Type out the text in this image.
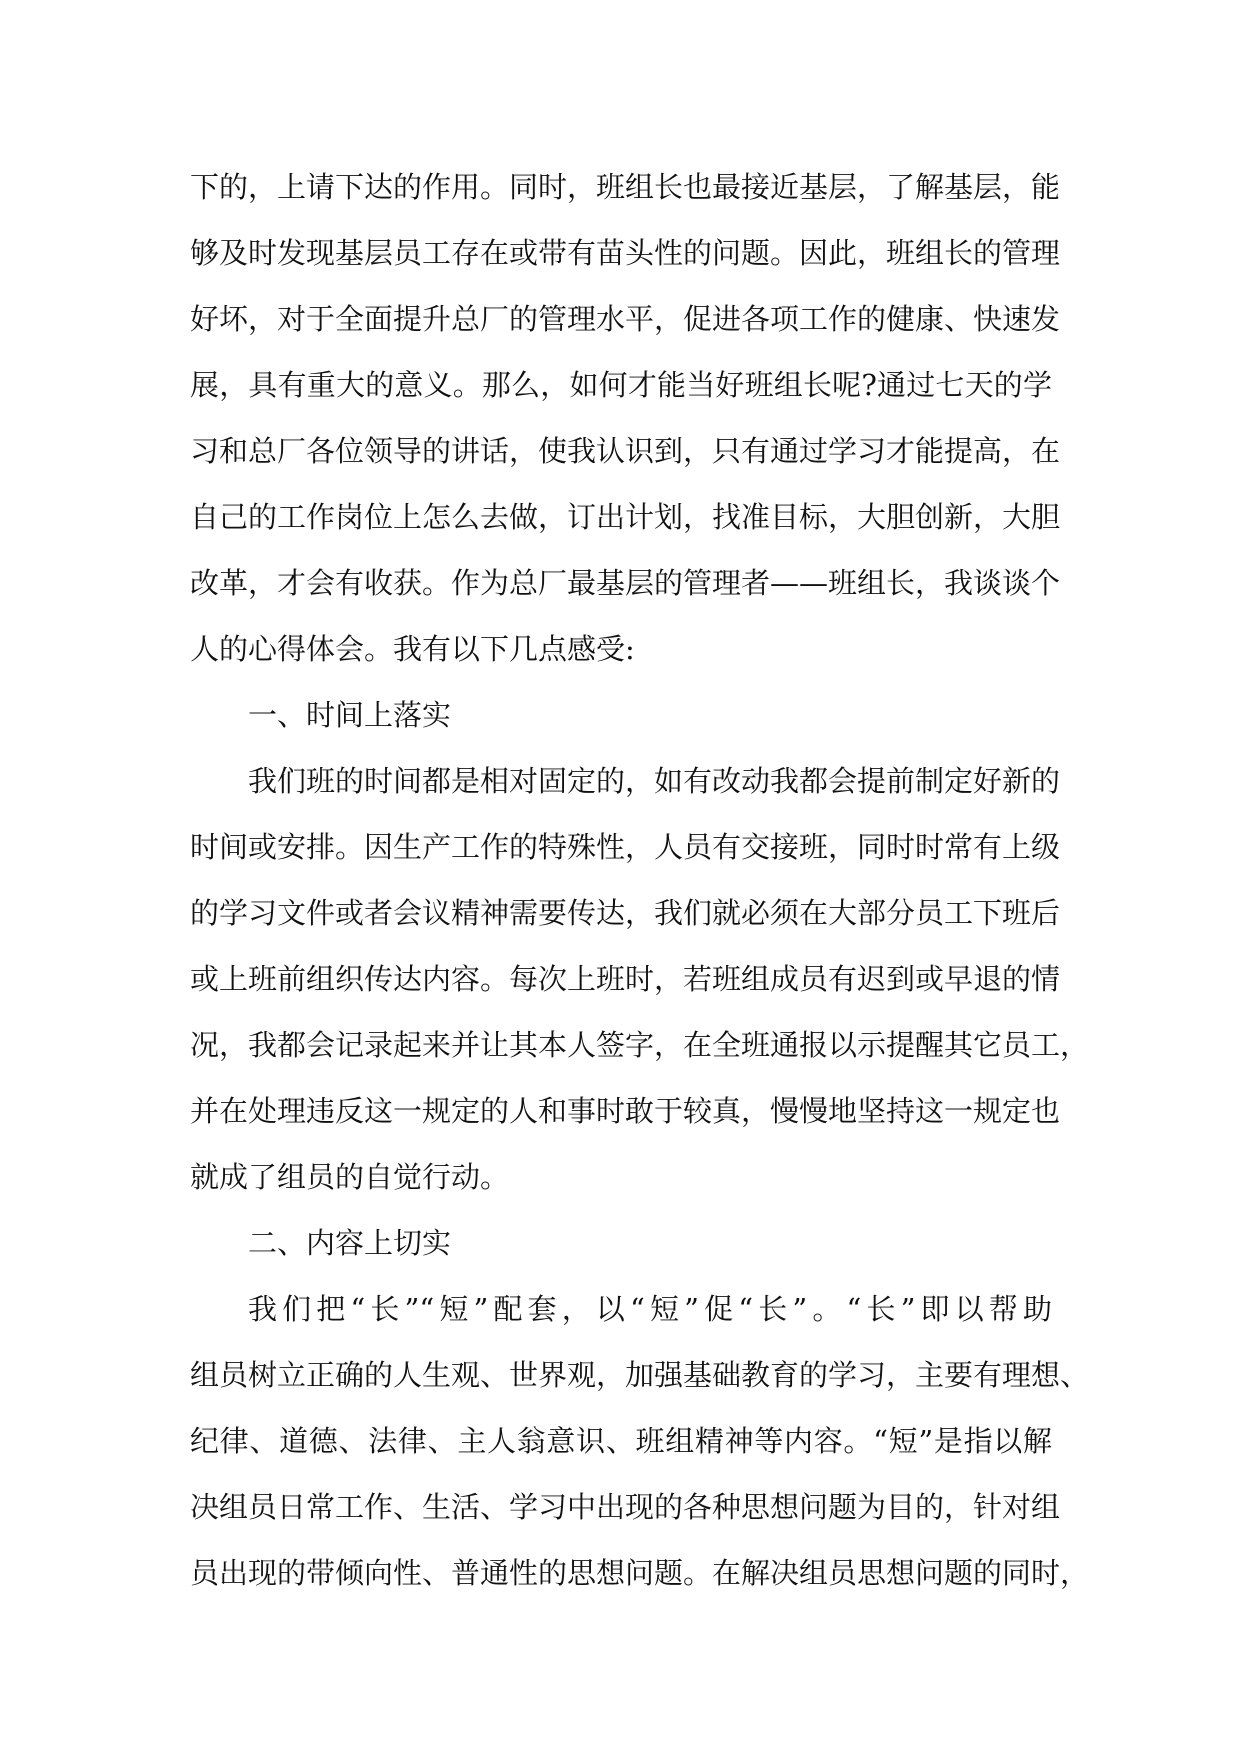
下的，上请下达的作用。同时，班组长也最接近基层，了解基层，能
够及时发现基层员工存在或带有苗头性的问题。因此，班组长的管理
好坏，对于全面提升总厂的管理水平，促进各项工作的健康、快速发
展，具有重大的意义。那么，如何才能当好班组长呢?通过七天的学
习和总厂各位领导的讲话，使我认识到，只有通过学习才能提高，在
自己的工作岗位上怎么去做，订出计划，找准目标，大胆创新，大胆
改革，才会有收获。作为总厂最基层的管理者——班组长，我谈谈个
人的心得体会。我有以下几点感受:
一、时间上落实
我们班的时间都是相对固定的，如有改动我都会提前制定好新的
时间或安排。因生产工作的特殊性，人员有交接班，同时时常有上级
的学习文件或者会议精神需要传达，我们就必须在大部分员工下班后
或上班前组织传达内容。每次上班时，若班组成员有迟到或早退的情
况，我都会记录起来并让其本人签字，在全班通报以示提醒其它员工，
并在处理违反这一规定的人和事时敢于较真，慢慢地坚持这一规定也
就成了组员的自觉行动。
二、内容上切实
我们把“长”“短”配套，以“短”促“长”。“长”即以帮助
组员树立正确的人生观、世界观，加强基础教育的学习，主要有理想、
纪律、道德、法律、主人翁意识、班组精神等内容。“短”是指以解
决组员日常工作、生活、学习中出现的各种思想问题为目的，针对组
员出现的带倾向性、普通性的思想问题。在解决组员思想问题的同时，
